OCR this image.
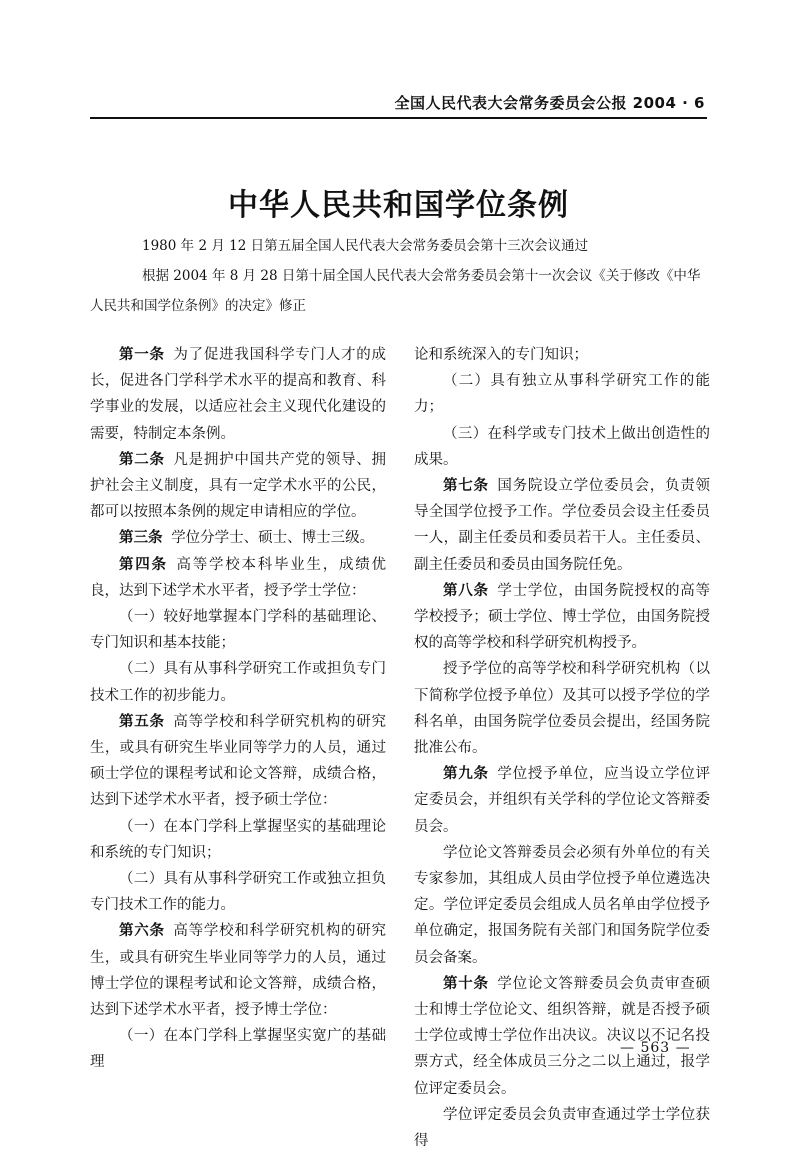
全国人民代表大会常务委员会公报 2004 · 6
中华人民共和国学位条例
1980 年 2 月 12 日第五届全国人民代表大会常务委员会第十三次会议通过
根据 2004 年 8 月 28 日第十届全国人民代表大会常务委员会第十一次会议《关于修改《中华人民共和国学位条例》的决定》修正

第一条 为了促进我国科学专门人才的成长，促进各门学科学术水平的提高和教育、科学事业的发展，以适应社会主义现代化建设的需要，特制定本条例。

第二条 凡是拥护中国共产党的领导、拥护社会主义制度，具有一定学术水平的公民，都可以按照本条例的规定申请相应的学位。

第三条 学位分学士、硕士、博士三级。

第四条 高等学校本科毕业生，成绩优良，达到下述学术水平者，授予学士学位：

（一）较好地掌握本门学科的基础理论、专门知识和基本技能；

（二）具有从事科学研究工作或担负专门技术工作的初步能力。

第五条 高等学校和科学研究机构的研究生，或具有研究生毕业同等学力的人员，通过硕士学位的课程考试和论文答辩，成绩合格，达到下述学术水平者，授予硕士学位：

（一）在本门学科上掌握坚实的基础理论和系统的专门知识；

（二）具有从事科学研究工作或独立担负专门技术工作的能力。

第六条 高等学校和科学研究机构的研究生，或具有研究生毕业同等学力的人员，通过博士学位的课程考试和论文答辩，成绩合格，达到下述学术水平者，授予博士学位：

（一）在本门学科上掌握坚实宽广的基础理

论和系统深入的专门知识；

（二）具有独立从事科学研究工作的能力；

（三）在科学或专门技术上做出创造性的成果。

第七条 国务院设立学位委员会，负责领导全国学位授予工作。学位委员会设主任委员一人，副主任委员和委员若干人。主任委员、副主任委员和委员由国务院任免。

第八条 学士学位，由国务院授权的高等学校授予；硕士学位、博士学位，由国务院授权的高等学校和科学研究机构授予。

授予学位的高等学校和科学研究机构（以下简称学位授予单位）及其可以授予学位的学科名单，由国务院学位委员会提出，经国务院批准公布。

第九条 学位授予单位，应当设立学位评定委员会，并组织有关学科的学位论文答辩委员会。

学位论文答辩委员会必须有外单位的有关专家参加，其组成人员由学位授予单位遴选决定。学位评定委员会组成人员名单由学位授予单位确定，报国务院有关部门和国务院学位委员会备案。

第十条 学位论文答辩委员会负责审查硕士和博士学位论文、组织答辩，就是否授予硕士学位或博士学位作出决议。决议以不记名投票方式，经全体成员三分之二以上通过，报学位评定委员会。

学位评定委员会负责审查通过学士学位获得

— 563 —
